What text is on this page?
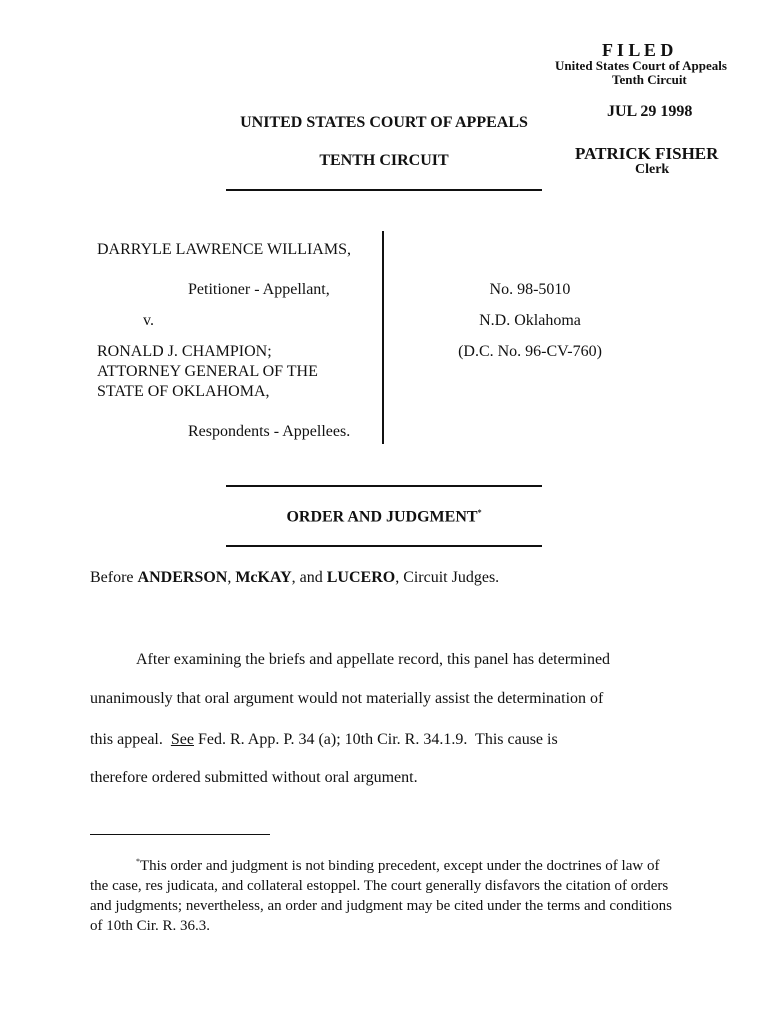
F I L E D
United States Court of Appeals
Tenth Circuit
JUL 29 1998
PATRICK FISHER
Clerk
UNITED STATES COURT OF APPEALS
TENTH CIRCUIT
DARRYLE LAWRENCE WILLIAMS,
Petitioner - Appellant,
v.
RONALD J. CHAMPION;
ATTORNEY GENERAL OF THE
STATE OF OKLAHOMA,
Respondents - Appellees.
No. 98-5010
N.D. Oklahoma
(D.C. No. 96-CV-760)
ORDER AND JUDGMENT*
Before ANDERSON, McKAY, and LUCERO, Circuit Judges.
After examining the briefs and appellate record, this panel has determined
unanimously that oral argument would not materially assist the determination of
this appeal.  See Fed. R. App. P. 34 (a); 10th Cir. R. 34.1.9.  This cause is
therefore ordered submitted without oral argument.
*This order and judgment is not binding precedent, except under the doctrines of law of the case, res judicata, and collateral estoppel. The court generally disfavors the citation of orders and judgments; nevertheless, an order and judgment may be cited under the terms and conditions of 10th Cir. R. 36.3.
